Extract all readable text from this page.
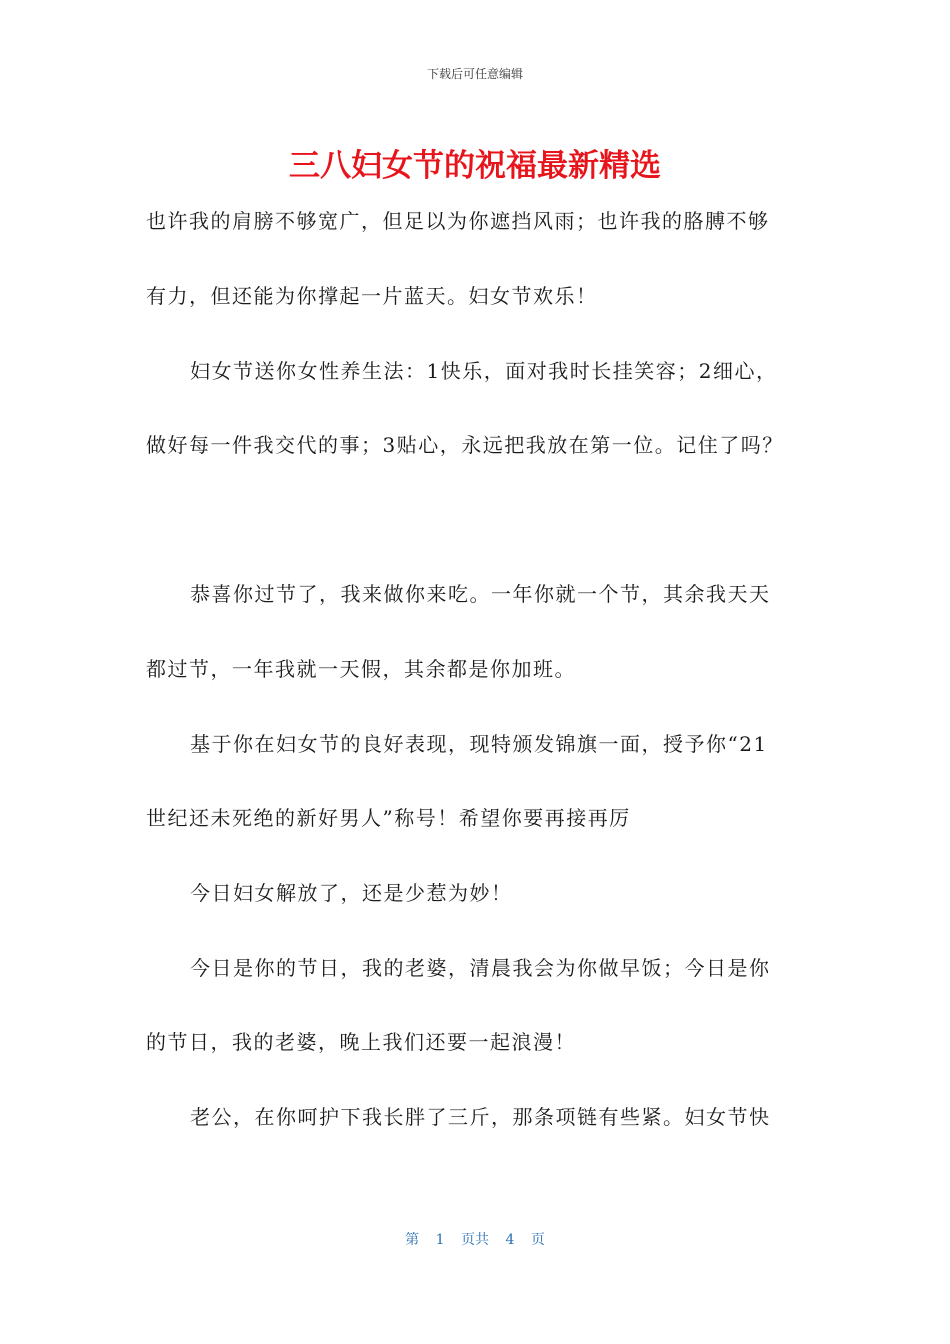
下载后可任意编辑
三八妇女节的祝福最新精选
也许我的肩膀不够宽广，但足以为你遮挡风雨；也许我的胳膊不够
有力，但还能为你撑起一片蓝天。妇女节欢乐！
妇女节送你女性养生法：1快乐，面对我时长挂笑容；2细心，
做好每一件我交代的事；3贴心，永远把我放在第一位。记住了吗？
恭喜你过节了，我来做你来吃。一年你就一个节，其余我天天
都过节，一年我就一天假，其余都是你加班。
基于你在妇女节的良好表现，现特颁发锦旗一面，授予你“21
世纪还未死绝的新好男人”称号！希望你要再接再厉
今日妇女解放了，还是少惹为妙！
今日是你的节日，我的老婆，清晨我会为你做早饭；今日是你
的节日，我的老婆，晚上我们还要一起浪漫！
老公，在你呵护下我长胖了三斤，那条项链有些紧。妇女节快
第 1 页共 4 页
